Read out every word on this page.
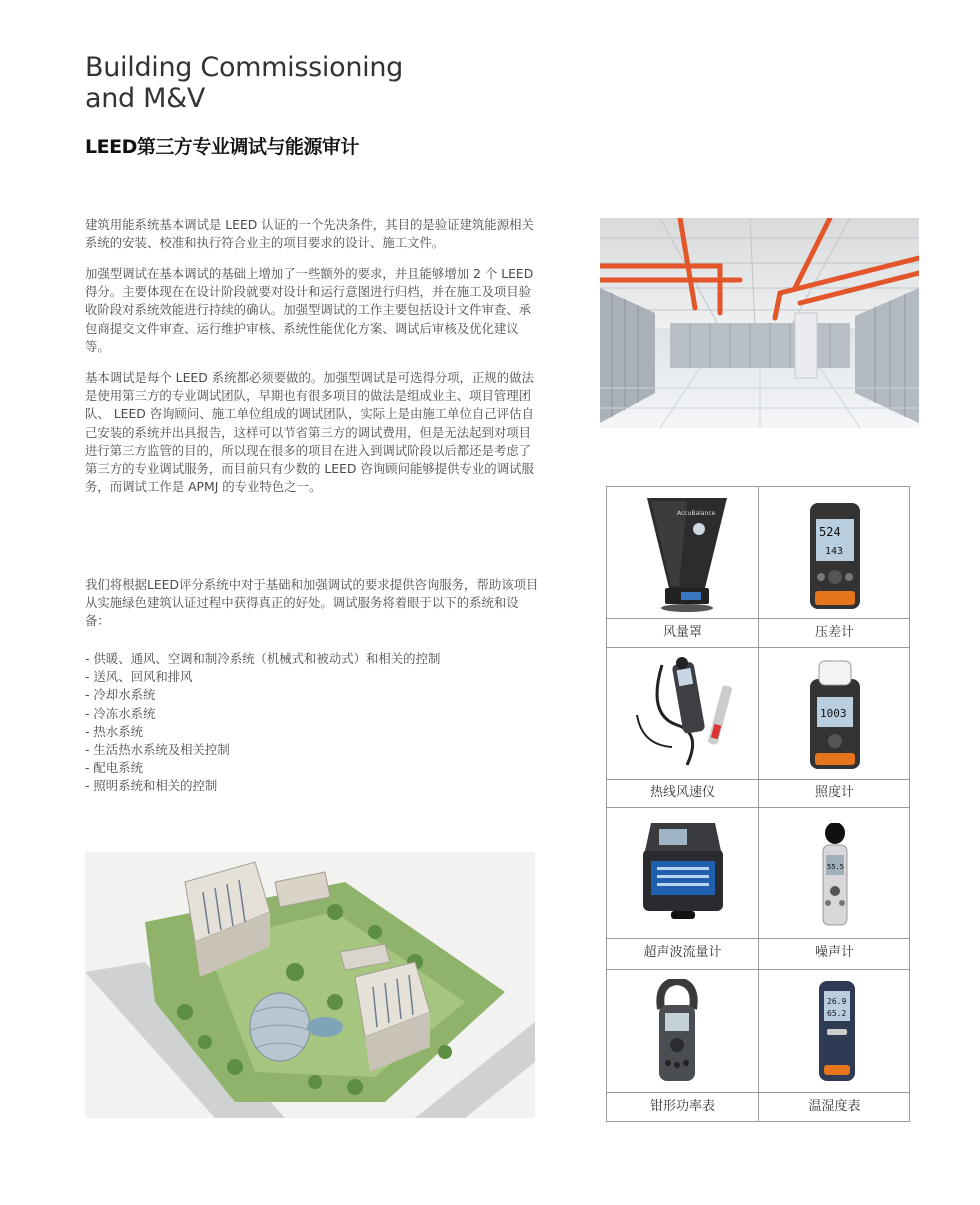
Building Commissioning
and M&V
LEED第三方专业调试与能源审计

建筑用能系统基本调试是 LEED 认证的一个先决条件，其目的是验证建筑能源相关系统的安装、校准和执行符合业主的项目要求的设计、施工文件。

加强型调试在基本调试的基础上增加了一些额外的要求，并且能够增加 2 个 LEED 得分。主要体现在在设计阶段就要对设计和运行意图进行归档，并在施工及项目验收阶段对系统效能进行持续的确认。加强型调试的工作主要包括设计文件审查、承包商提交文件审查、运行维护审核、系统性能优化方案、调试后审核及优化建议等。

基本调试是每个 LEED 系统都必须要做的。加强型调试是可选得分项，正规的做法是使用第三方的专业调试团队，早期也有很多项目的做法是组成业主、项目管理团队、 LEED 咨询顾问、施工单位组成的调试团队，实际上是由施工单位自己评估自己安装的系统并出具报告，这样可以节省第三方的调试费用，但是无法起到对项目进行第三方监管的目的，所以现在很多的项目在进入到调试阶段以后都还是考虑了第三方的专业调试服务，而目前只有少数的 LEED 咨询顾问能够提供专业的调试服务，而调试工作是 APMJ 的专业特色之一。

我们将根据LEED评分系统中对于基础和加强调试的要求提供咨询服务，帮助该项目从实施绿色建筑认证过程中获得真正的好处。调试服务将着眼于以下的系统和设备：

- 供暖、通风、空调和制冷系统（机械式和被动式）和相关的控制
- 送风、回风和排风
- 冷却水系统
- 冷冻水系统
- 热水系统
- 生活热水系统及相关控制
- 配电系统
- 照明系统和相关的控制
AccuBalance
524
143
风量罩	压差计
1003
热线风速仪	照度计
55.5
超声波流量计	噪声计
26.9
65.2
钳形功率表	温湿度表
